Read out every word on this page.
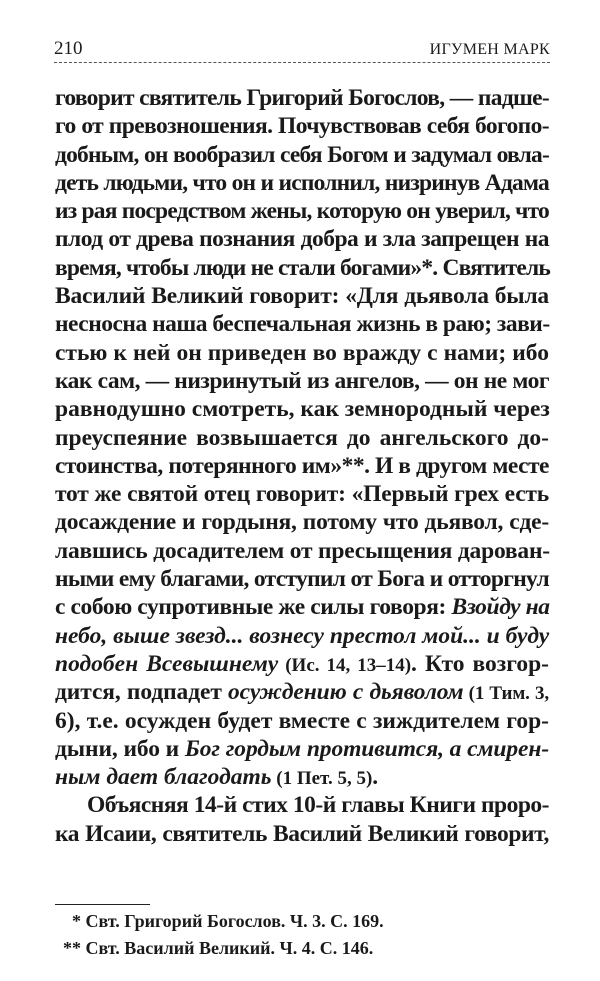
210	ИГУМЕН МАРК
говорит святитель Григорий Богослов, — падше-
го от превозношения. Почувствовав себя богопо-
добным, он вообразил себя Богом и задумал овла-
деть людьми, что он и исполнил, низринув Адама
из рая посредством жены, которую он уверил, что
плод от древа познания добра и зла запрещен на
время, чтобы люди не стали богами»*. Святитель
Василий Великий говорит: «Для дьявола была
несносна наша беспечальная жизнь в раю; зави-
стью к ней он приведен во вражду с нами; ибо
как сам, — низринутый из ангелов, — он не мог
равнодушно смотреть, как земнородный через
преуспеяние возвышается до ангельского до-
стоинства, потерянного им»**. И в другом месте
тот же святой отец говорит: «Первый грех есть
досаждение и гордыня, потому что дьявол, сде-
лавшись досадителем от пресыщения дарован-
ными ему благами, отступил от Бога и отторгнул
с собою супротивные же силы говоря: Взойду на
небо, выше звезд... вознесу престол мой... и буду
подобен Всевышнему (Ис. 14, 13–14). Кто возгор-
дится, подпадет осуждению с дьяволом (1 Тим. 3,
6), т.е. осужден будет вместе с зиждителем гор-
дыни, ибо и Бог гордым противится, а смирен-
ным дает благодать (1 Пет. 5, 5).
Объясняя 14-й стих 10-й главы Книги проро-
ка Исаии, святитель Василий Великий говорит,
* Свт. Григорий Богослов. Ч. 3. С. 169.
** Свт. Василий Великий. Ч. 4. С. 146.
